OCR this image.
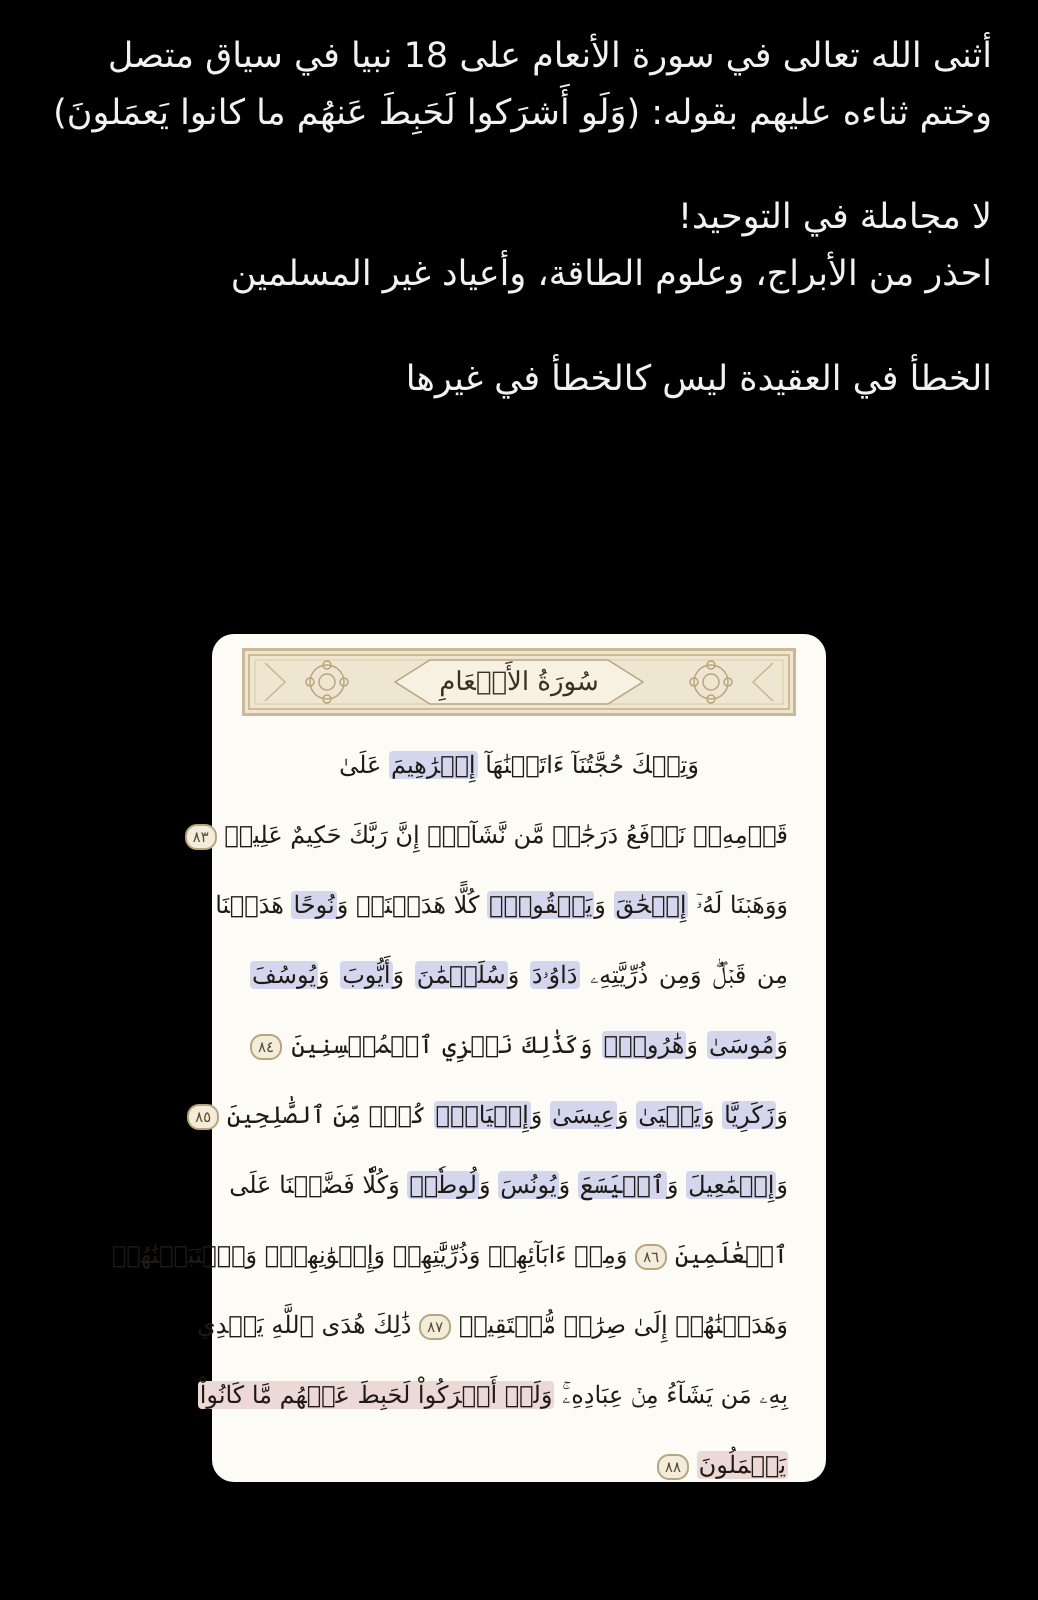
أثنى الله تعالى في سورة الأنعام على 18 نبيا في سياق متصل

وختم ثناءه عليهم بقوله: (وَلَو أَشرَكوا لَحَبِطَ عَنهُم ما كانوا يَعمَلونَ)

لا مجاملة في التوحيد!

احذر من الأبراج، وعلوم الطاقة، وأعياد غير المسلمين

الخطأ في العقيدة ليس كالخطأ في غيرها

سُورَةُ الأَنۡعَامِ
وَتِلۡكَ حُجَّتُنَآ ءَاتَيۡنَٰهَآ إِبۡرَٰهِيمَ عَلَىٰ
قَوۡمِهِۦۚ نَرۡفَعُ دَرَجَٰتٖ مَّن نَّشَآءُۗ إِنَّ رَبَّكَ حَكِيمٌ عَلِيمٞ ٨٣
وَوَهَبۡنَا لَهُۥٓ إِسۡحَٰقَ وَيَعۡقُوبَۚ كُلًّا هَدَيۡنَاۚ وَنُوحًا هَدَيۡنَا
مِن قَبۡلُۖ وَمِن ذُرِّيَّتِهِۦ دَاوُۥدَ وَسُلَيۡمَٰنَ وَأَيُّوبَ وَيُوسُفَ
وَمُوسَىٰ وَهَٰرُونَۚ وَكَذَٰلِكَ نَجۡزِي ٱلۡمُحۡسِنِينَ ٨٤
وَزَكَرِيَّا وَيَحۡيَىٰ وَعِيسَىٰ وَإِلۡيَاسَۖ كُلّٞ مِّنَ ٱلصَّٰلِحِينَ ٨٥
وَإِسۡمَٰعِيلَ وَٱلۡيَسَعَ وَيُونُسَ وَلُوطٗاۚ وَكُلّٗا فَضَّلۡنَا عَلَى
ٱلۡعَٰلَمِينَ ٨٦ وَمِنۡ ءَابَآئِهِمۡ وَذُرِّيَّٰتِهِمۡ وَإِخۡوَٰنِهِمۡۖ وَٱجۡتَبَيۡنَٰهُمۡ
وَهَدَيۡنَٰهُمۡ إِلَىٰ صِرَٰطٖ مُّسۡتَقِيمٖ ٨٧ ذَٰلِكَ هُدَى ٱللَّهِ يَهۡدِي
بِهِۦ مَن يَشَآءُ مِنۡ عِبَادِهِۦۚ وَلَوۡ أَشۡرَكُواْ لَحَبِطَ عَنۡهُم مَّا كَانُواْ
يَعۡمَلُونَ ٨٨
